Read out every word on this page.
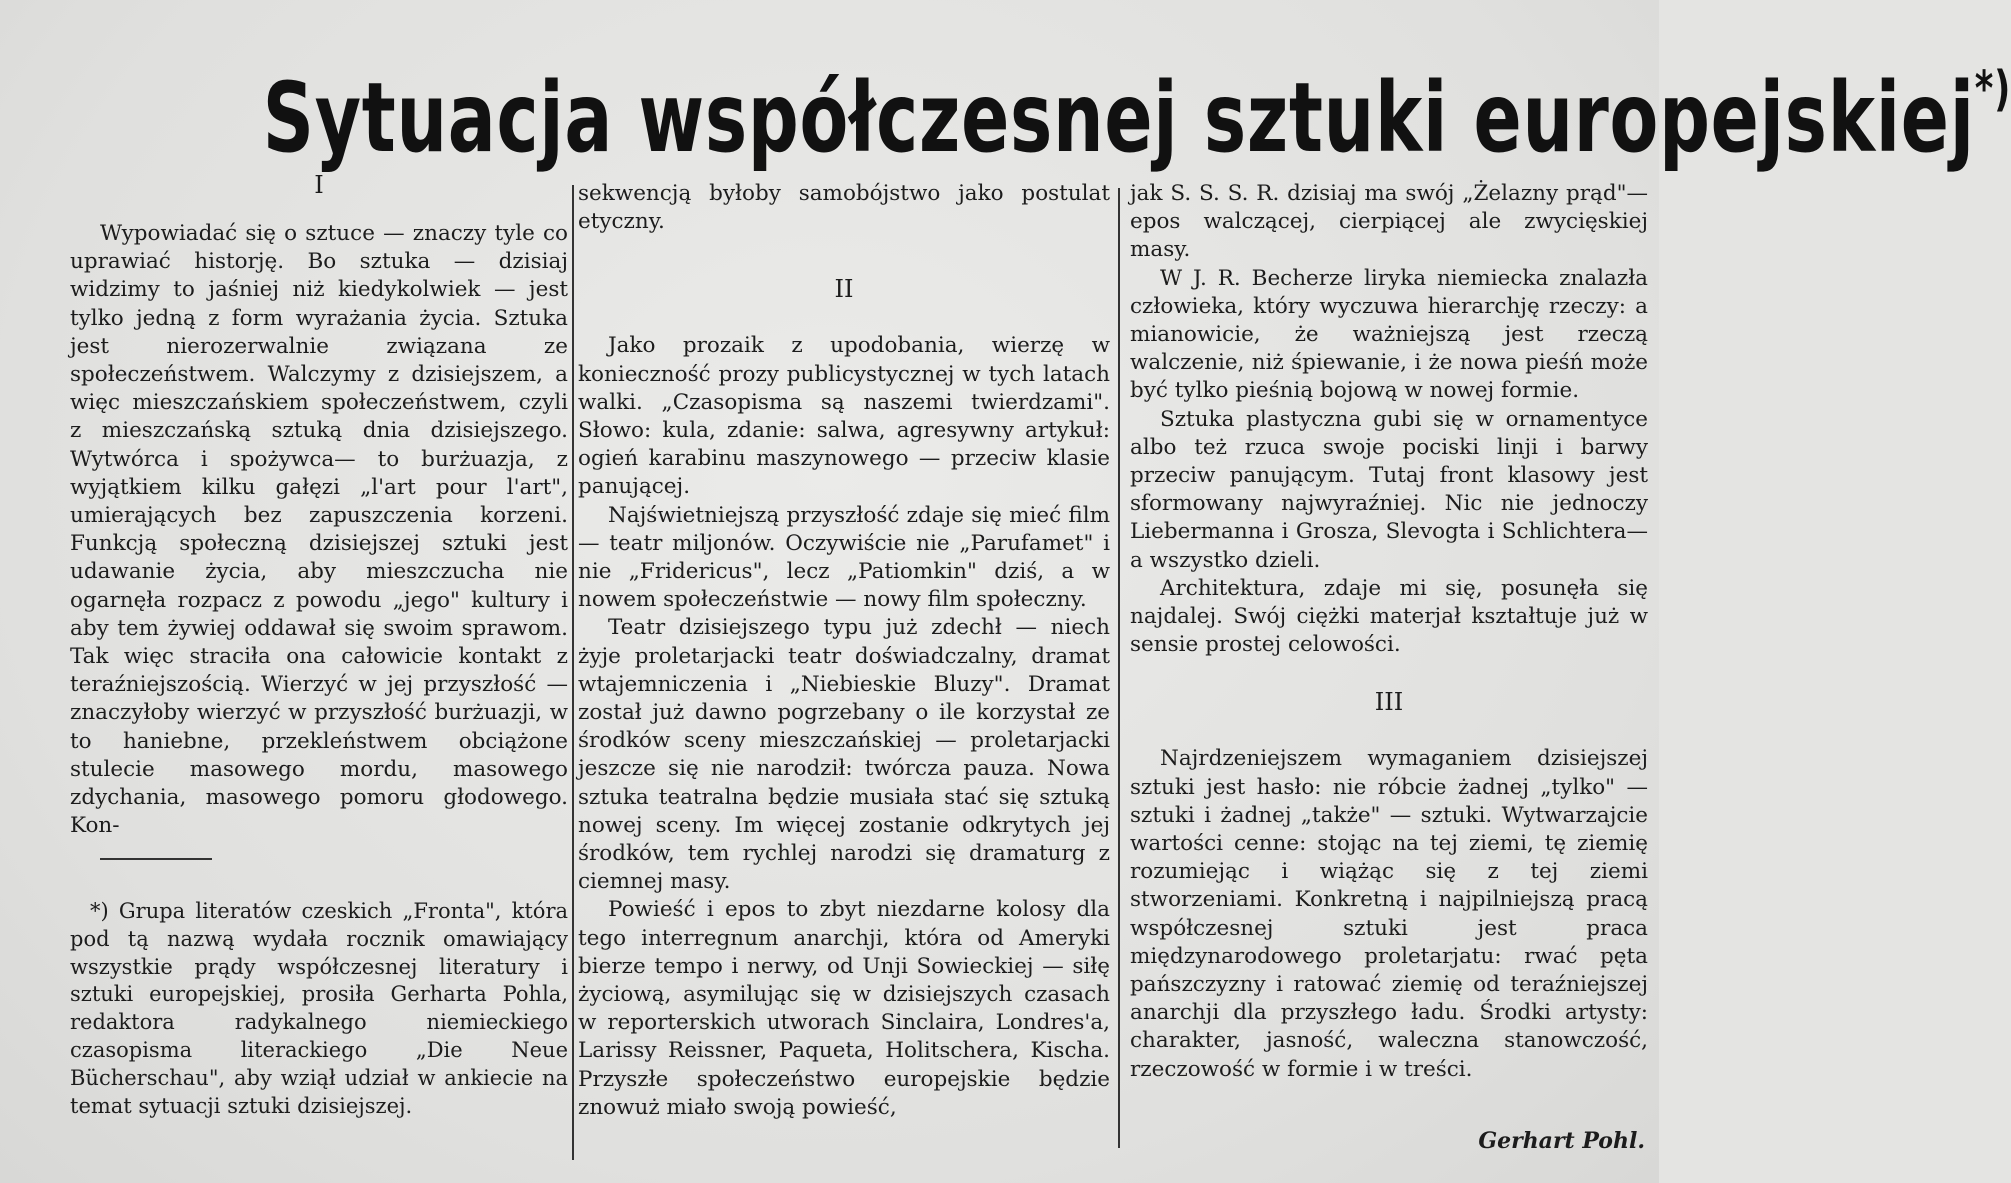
Sytuacja współczesnej sztuki europejskiej*)
I

Wypowiadać się o sztuce — znaczy tyle co uprawiać historję. Bo sztuka — dzisiaj widzimy to jaśniej niż kiedykolwiek — jest tylko jedną z form wyrażania życia. Sztuka jest nierozerwalnie związana ze społeczeństwem. Walczymy z dzisiejszem, a więc mieszczańskiem społeczeństwem, czyli z mieszczańską sztuką dnia dzisiejszego. Wytwórca i spożywca— to burżuazja, z wyjątkiem kilku gałęzi „l'art pour l'art", umierających bez zapuszczenia korzeni. Funkcją społeczną dzisiejszej sztuki jest udawanie życia, aby mieszczucha nie ogarnęła rozpacz z powodu „jego" kultury i aby tem żywiej oddawał się swoim sprawom. Tak więc straciła ona całowicie kontakt z teraźniejszością. Wierzyć w jej przyszłość — znaczyłoby wierzyć w przyszłość burżuazji, w to haniebne, przekleństwem obciążone stulecie masowego mordu, masowego zdychania, masowego pomoru głodowego. Kon-

*) Grupa literatów czeskich „Fronta", która pod tą nazwą wydała rocznik omawiający wszystkie prądy współczesnej literatury i sztuki europejskiej, prosiła Gerharta Pohla, redaktora radykalnego niemieckiego czasopisma literackiego „Die Neue Bücherschau", aby wziął udział w ankiecie na temat sytuacji sztuki dzisiejszej.

sekwencją byłoby samobójstwo jako postulat etyczny.

II

Jako prozaik z upodobania, wierzę w konieczność prozy publicystycznej w tych latach walki. „Czasopisma są naszemi twierdzami". Słowo: kula, zdanie: salwa, agresywny artykuł: ogień karabinu maszynowego — przeciw klasie panującej.

Najświetniejszą przyszłość zdaje się mieć film — teatr miljonów. Oczywiście nie „Parufamet" i nie „Fridericus", lecz „Patiomkin" dziś, a w nowem społeczeństwie — nowy film społeczny.

Teatr dzisiejszego typu już zdechł — niech żyje proletarjacki teatr doświadczalny, dramat wtajemniczenia i „Niebieskie Bluzy". Dramat został już dawno pogrzebany o ile korzystał ze środków sceny mieszczańskiej — proletarjacki jeszcze się nie narodził: twórcza pauza. Nowa sztuka teatralna będzie musiała stać się sztuką nowej sceny. Im więcej zostanie odkrytych jej środków, tem rychlej narodzi się dramaturg z ciemnej masy.

Powieść i epos to zbyt niezdarne kolosy dla tego interregnum anarchji, która od Ameryki bierze tempo i nerwy, od Unji Sowieckiej — siłę życiową, asymilując się w dzisiejszych czasach w reporterskich utworach Sinclaira, Londres'a, Larissy Reissner, Paqueta, Holitschera, Kischa. Przyszłe społeczeństwo europejskie będzie znowuż miało swoją powieść,

jak S. S. S. R. dzisiaj ma swój „Żelazny prąd"—epos walczącej, cierpiącej ale zwycięskiej masy.

W J. R. Becherze liryka niemiecka znalazła człowieka, który wyczuwa hierarchję rzeczy: a mianowicie, że ważniejszą jest rzeczą walczenie, niż śpiewanie, i że nowa pieśń może być tylko pieśnią bojową w nowej formie.

Sztuka plastyczna gubi się w ornamentyce albo też rzuca swoje pociski linji i barwy przeciw panującym. Tutaj front klasowy jest sformowany najwyraźniej. Nic nie jednoczy Liebermanna i Grosza, Slevogta i Schlichtera—a wszystko dzieli.

Architektura, zdaje mi się, posunęła się najdalej. Swój ciężki materjał kształtuje już w sensie prostej celowości.

III

Najrdzeniejszem wymaganiem dzisiejszej sztuki jest hasło: nie róbcie żadnej „tylko" — sztuki i żadnej „także" — sztuki. Wytwarzajcie wartości cenne: stojąc na tej ziemi, tę ziemię rozumiejąc i wiążąc się z tej ziemi stworzeniami. Konkretną i najpilniejszą pracą współczesnej sztuki jest praca międzynarodowego proletarjatu: rwać pęta pańszczyzny i ratować ziemię od teraźniejszej anarchji dla przyszłego ładu. Środki artysty: charakter, jasność, waleczna stanowczość, rzeczowość w formie i w treści.

Gerhart Pohl.
